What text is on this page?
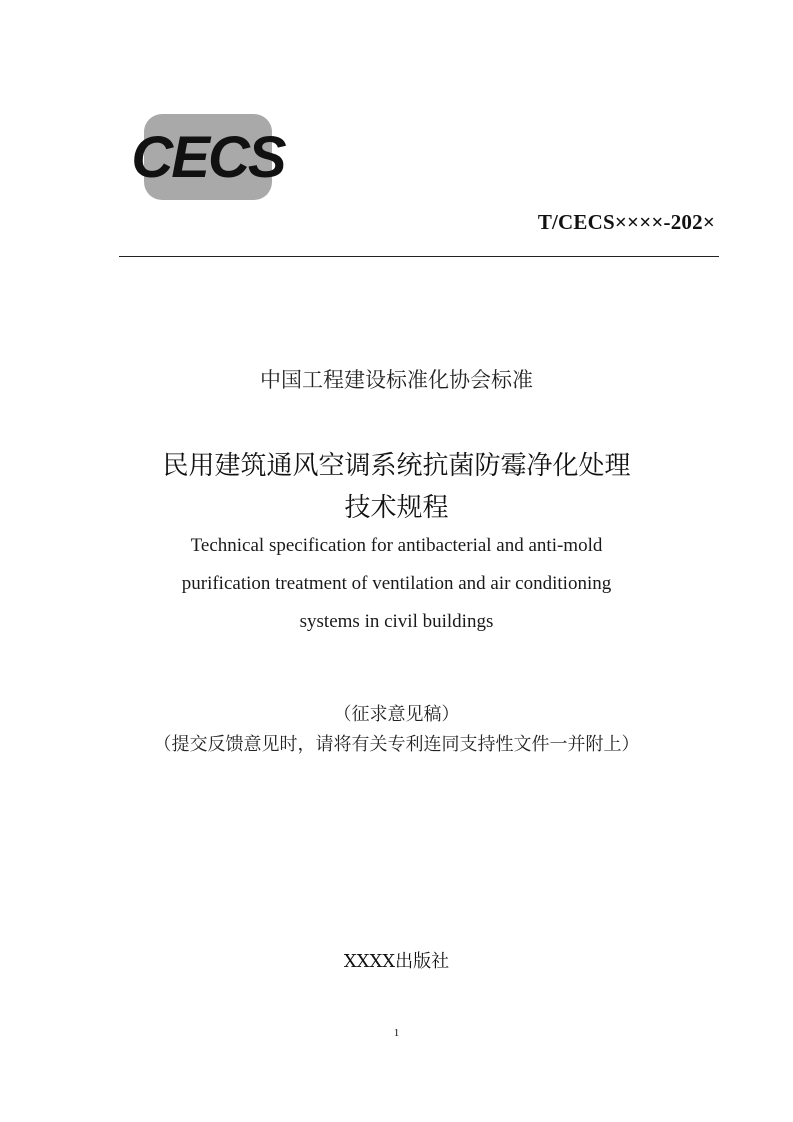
CECS
T/CECS××××-202×
中国工程建设标准化协会标准
民用建筑通风空调系统抗菌防霉净化处理
技术规程
Technical specification for antibacterial and anti-mold
purification treatment of ventilation and air conditioning
systems in civil buildings
（征求意见稿）
（提交反馈意见时，请将有关专利连同支持性文件一并附上）
XXXX出版社
1
